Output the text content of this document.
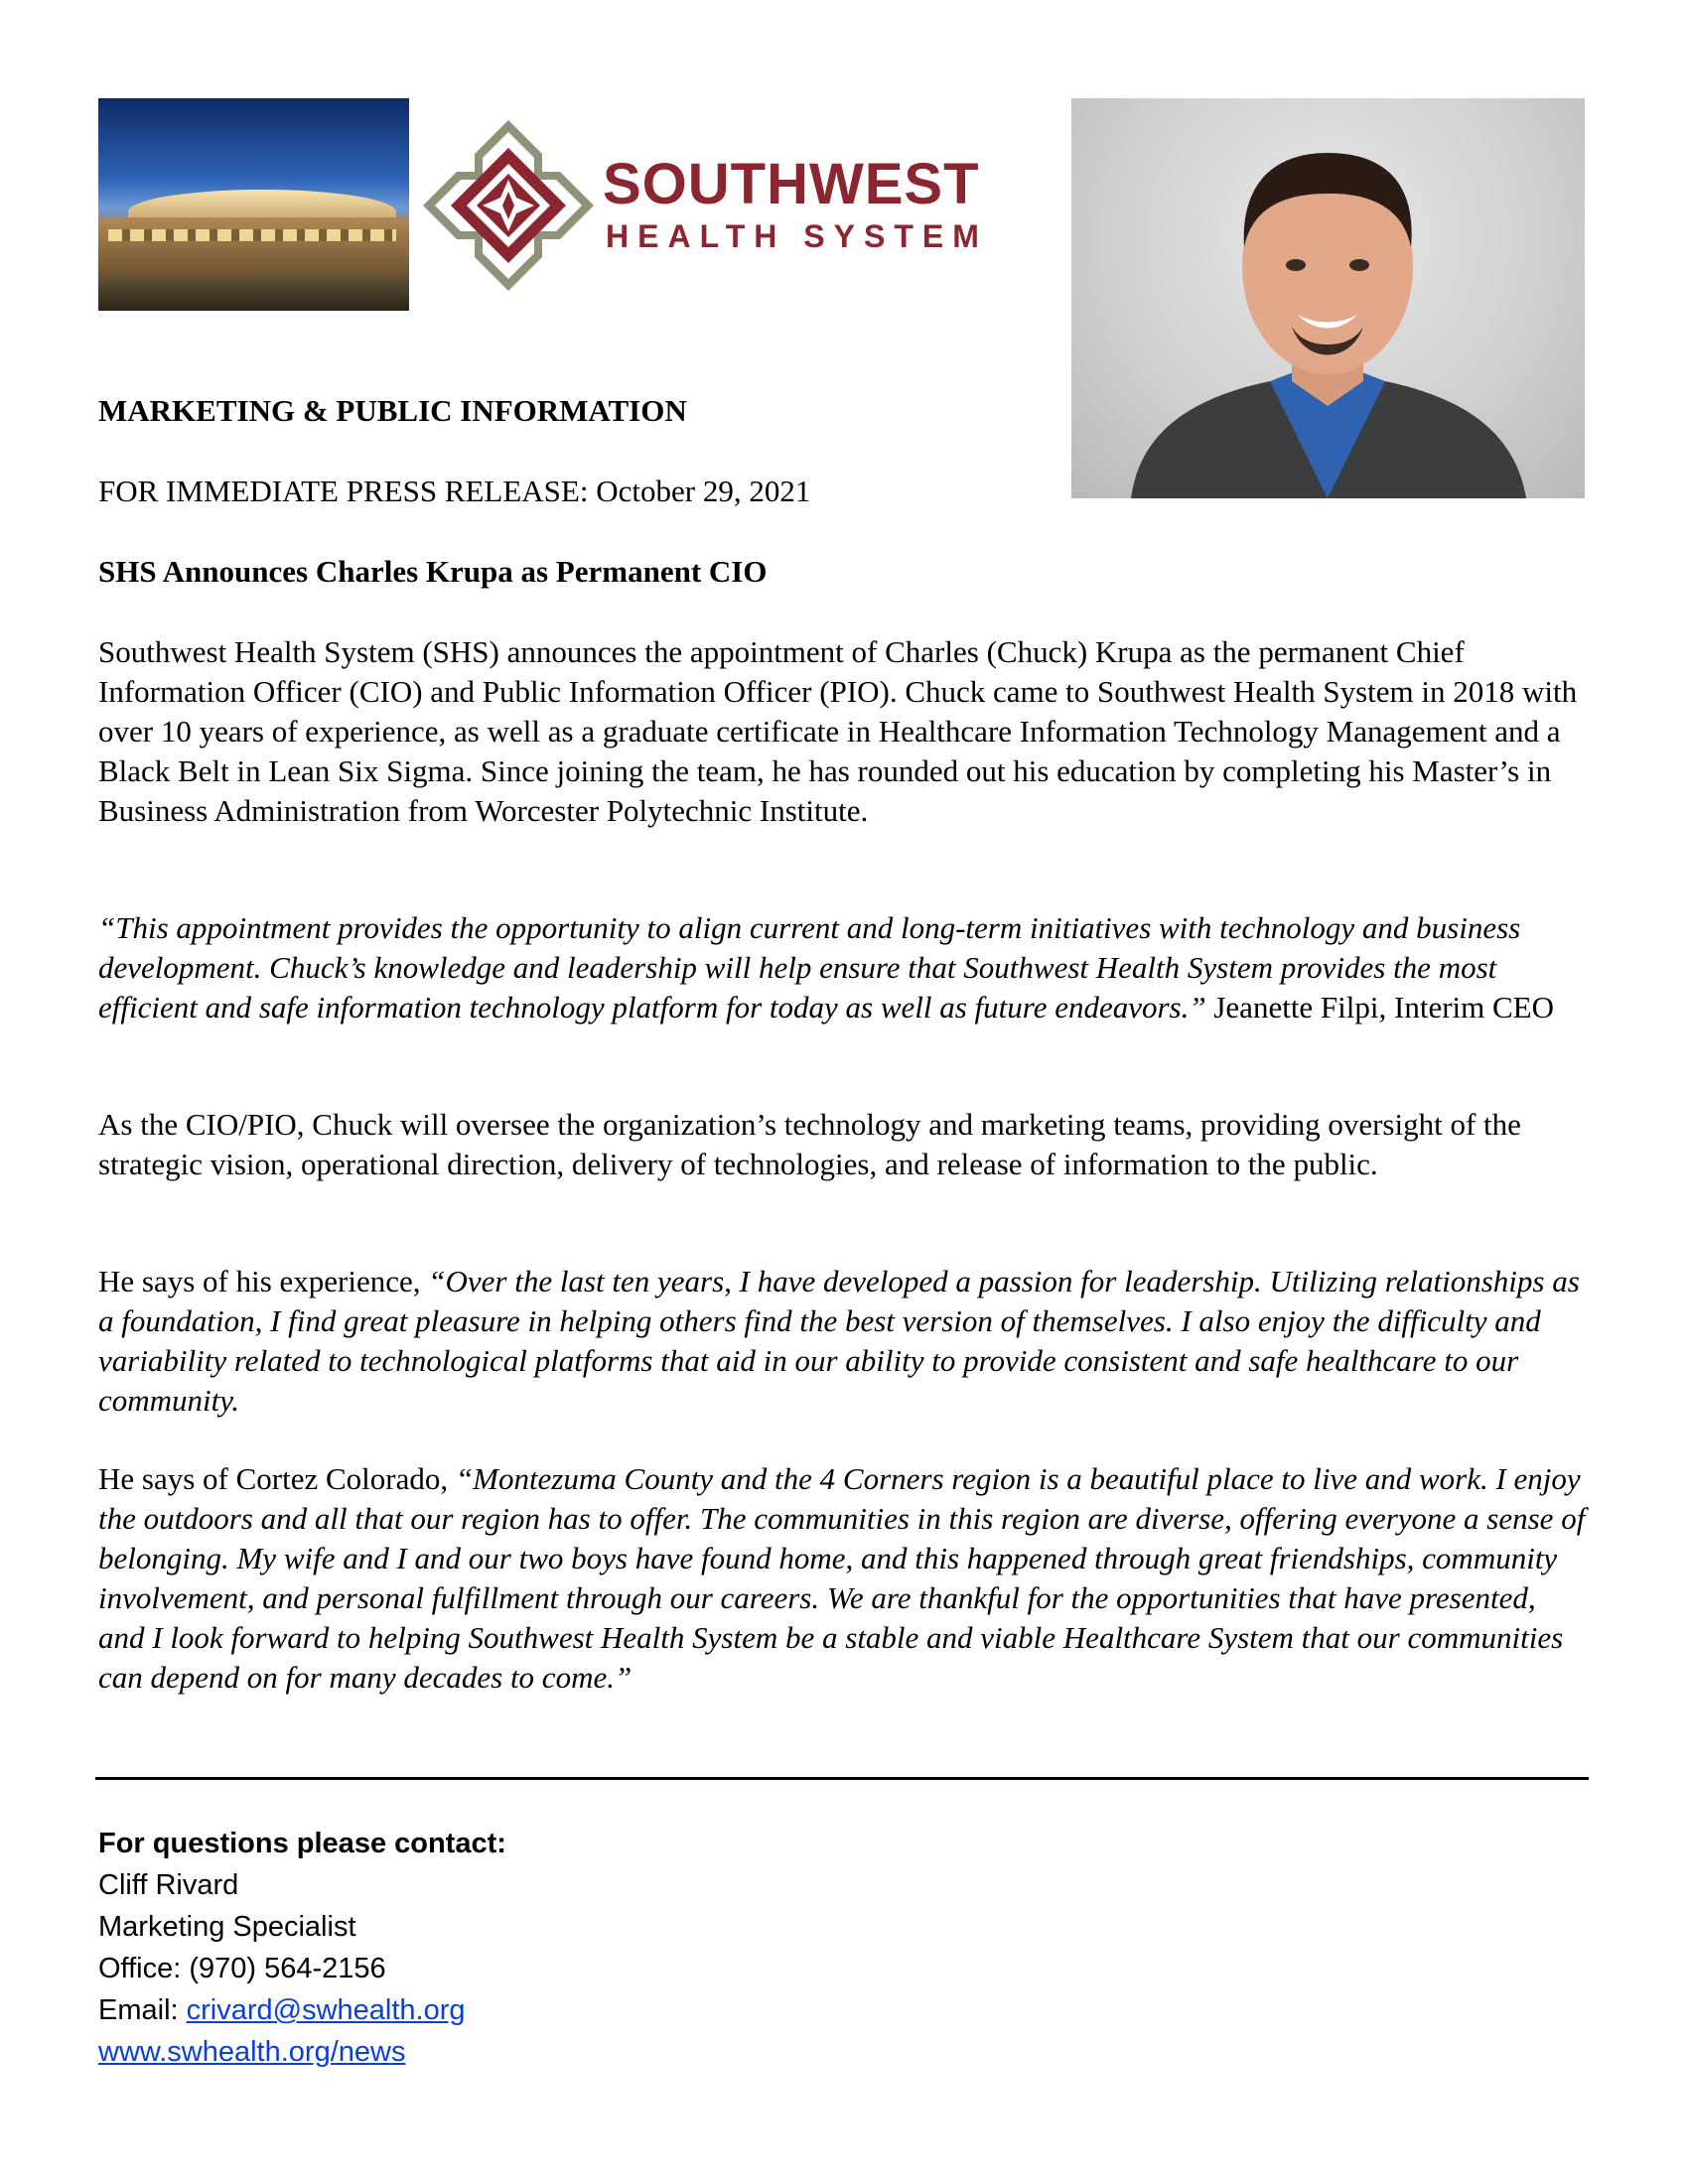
SOUTHWEST
HEALTH SYSTEM
MARKETING & PUBLIC INFORMATION
FOR IMMEDIATE PRESS RELEASE: October 29, 2021
SHS Announces Charles Krupa as Permanent CIO

Southwest Health System (SHS) announces the appointment of Charles (Chuck) Krupa as the permanent Chief Information Officer (CIO) and Public Information Officer (PIO). Chuck came to Southwest Health System in 2018 with over 10 years of experience, as well as a graduate certificate in Healthcare Information Technology Management and a Black Belt in Lean Six Sigma. Since joining the team, he has rounded out his education by completing his Master’s in Business Administration from Worcester Polytechnic Institute.

“This appointment provides the opportunity to align current and long-term initiatives with technology and business development. Chuck’s knowledge and leadership will help ensure that Southwest Health System provides the most efficient and safe information technology platform for today as well as future endeavors.” Jeanette Filpi, Interim CEO

As the CIO/PIO, Chuck will oversee the organization’s technology and marketing teams, providing oversight of the strategic vision, operational direction, delivery of technologies, and release of information to the public.

He says of his experience, “Over the last ten years, I have developed a passion for leadership. Utilizing relationships as a foundation, I find great pleasure in helping others find the best version of themselves. I also enjoy the difficulty and variability related to technological platforms that aid in our ability to provide consistent and safe healthcare to our community.

He says of Cortez Colorado, “Montezuma County and the 4 Corners region is a beautiful place to live and work. I enjoy the outdoors and all that our region has to offer. The communities in this region are diverse, offering everyone a sense of belonging. My wife and I and our two boys have found home, and this happened through great friendships, community involvement, and personal fulfillment through our careers. We are thankful for the opportunities that have presented, and I look forward to helping Southwest Health System be a stable and viable Healthcare System that our communities can depend on for many decades to come.”

For questions please contact:
Cliff Rivard
Marketing Specialist
Office: (970) 564-2156
Email: crivard@swhealth.org
www.swhealth.org/news
